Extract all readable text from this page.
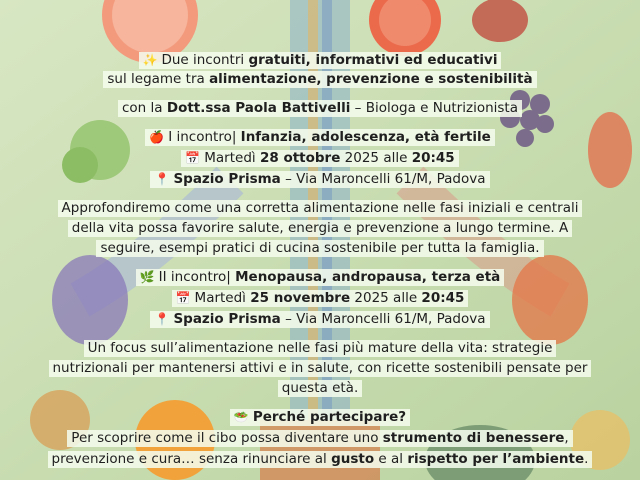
✨ Due incontri gratuiti, informativi ed educativi
sul legame tra alimentazione, prevenzione e sostenibilità
con la Dott.ssa Paola Battivelli – Biologa e Nutrizionista
🍎 I incontro| Infanzia, adolescenza, età fertile
📅 Martedì 28 ottobre 2025 alle 20:45
📍 Spazio Prisma – Via Maroncelli 61/M, Padova
Approfondiremo come una corretta alimentazione nelle fasi iniziali e centrali
della vita possa favorire salute, energia e prevenzione a lungo termine. A
seguire, esempi pratici di cucina sostenibile per tutta la famiglia.
🌿 II incontro| Menopausa, andropausa, terza età
📅 Martedì 25 novembre 2025 alle 20:45
📍 Spazio Prisma – Via Maroncelli 61/M, Padova
Un focus sull’alimentazione nelle fasi più mature della vita: strategie
nutrizionali per mantenersi attivi e in salute, con ricette sostenibili pensate per
questa età.
🥗 Perché partecipare?
Per scoprire come il cibo possa diventare uno strumento di benessere,
prevenzione e cura… senza rinunciare al gusto e al rispetto per l’ambiente.
